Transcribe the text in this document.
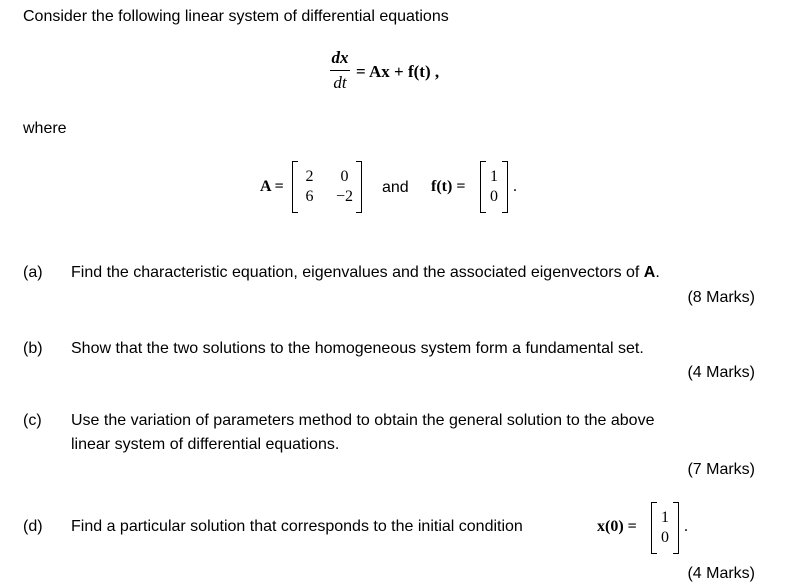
Consider the following linear system of differential equations
dx
dt
= Ax + f(t) ,
where
A =
2	0
6	−2
and f(t) =
1
0
.
(a) Find the characteristic equation, eigenvalues and the associated eigenvectors of A.
(8 Marks)
(b) Show that the two solutions to the homogeneous system form a fundamental set.
(4 Marks)
(c) Use the variation of parameters method to obtain the general solution to the above
linear system of differential equations.
(7 Marks)
(d) Find a particular solution that corresponds to the initial condition	x(0) =
1
0
.
(4 Marks)
